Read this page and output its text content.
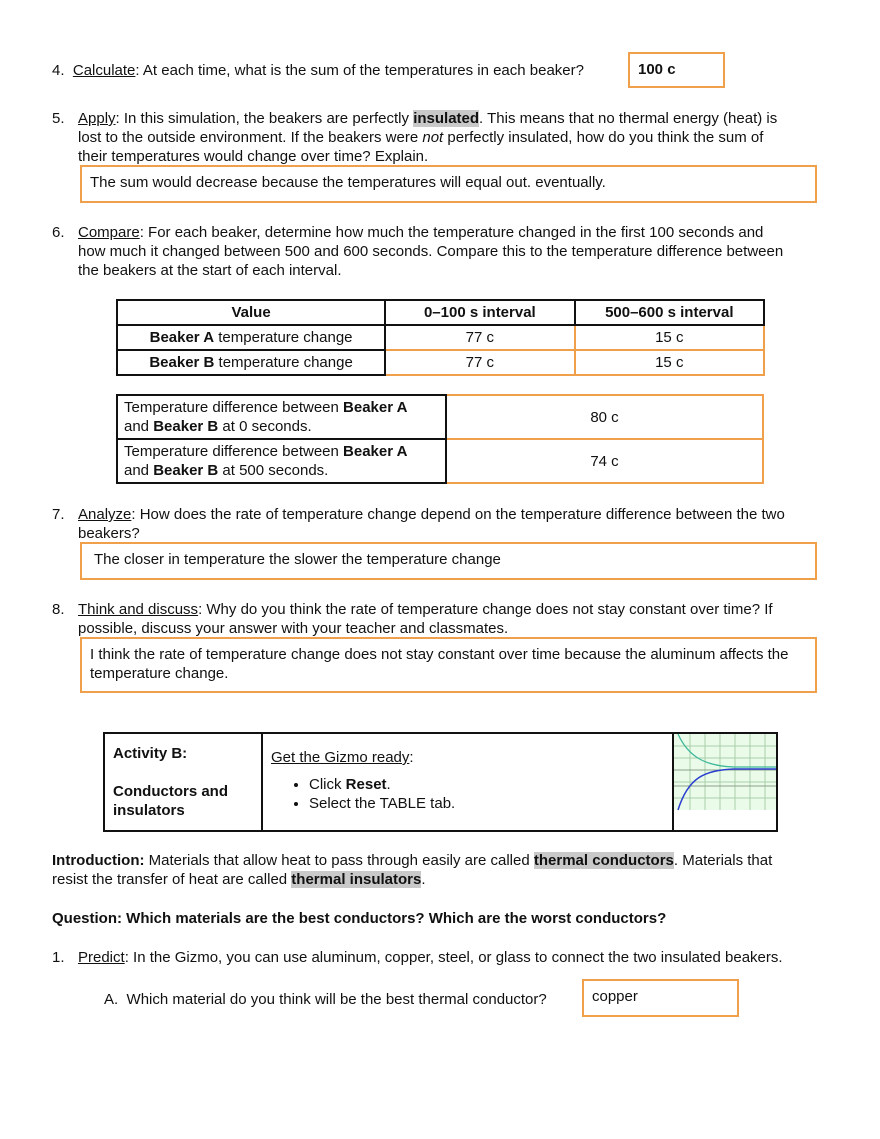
4. Calculate: At each time, what is the sum of the temperatures in each beaker?	100 c
5. Apply: In this simulation, the beakers are perfectly insulated. This means that no thermal energy (heat) is
lost to the outside environment. If the beakers were not perfectly insulated, how do you think the sum of
their temperatures would change over time? Explain.
The sum would decrease because the temperatures will equal out. eventually.
6. Compare: For each beaker, determine how much the temperature changed in the first 100 seconds and
how much it changed between 500 and 600 seconds. Compare this to the temperature difference between
the beakers at the start of each interval.
Value	0–100 s interval	500–600 s interval
Beaker A temperature change	77 c	15 c
Beaker B temperature change	77 c	15 c
Temperature difference between Beaker A
and Beaker B at 0 seconds.	80 c
Temperature difference between Beaker A
and Beaker B at 500 seconds.	74 c
7. Analyze: How does the rate of temperature change depend on the temperature difference between the two
beakers?
The closer in temperature the slower the temperature change
8. Think and discuss: Why do you think the rate of temperature change does not stay constant over time? If
possible, discuss your answer with your teacher and classmates.
I think the rate of temperature change does not stay constant over time because the aluminum affects the temperature change.
Activity B:
Conductors and insulators

Get the Gizmo ready:
• Click Reset.
• Select the TABLE tab.

Introduction: Materials that allow heat to pass through easily are called thermal conductors. Materials that
resist the transfer of heat are called thermal insulators.
Question: Which materials are the best conductors? Which are the worst conductors?
1. Predict: In the Gizmo, you can use aluminum, copper, steel, or glass to connect the two insulated beakers.
A. Which material do you think will be the best thermal conductor?	copper
